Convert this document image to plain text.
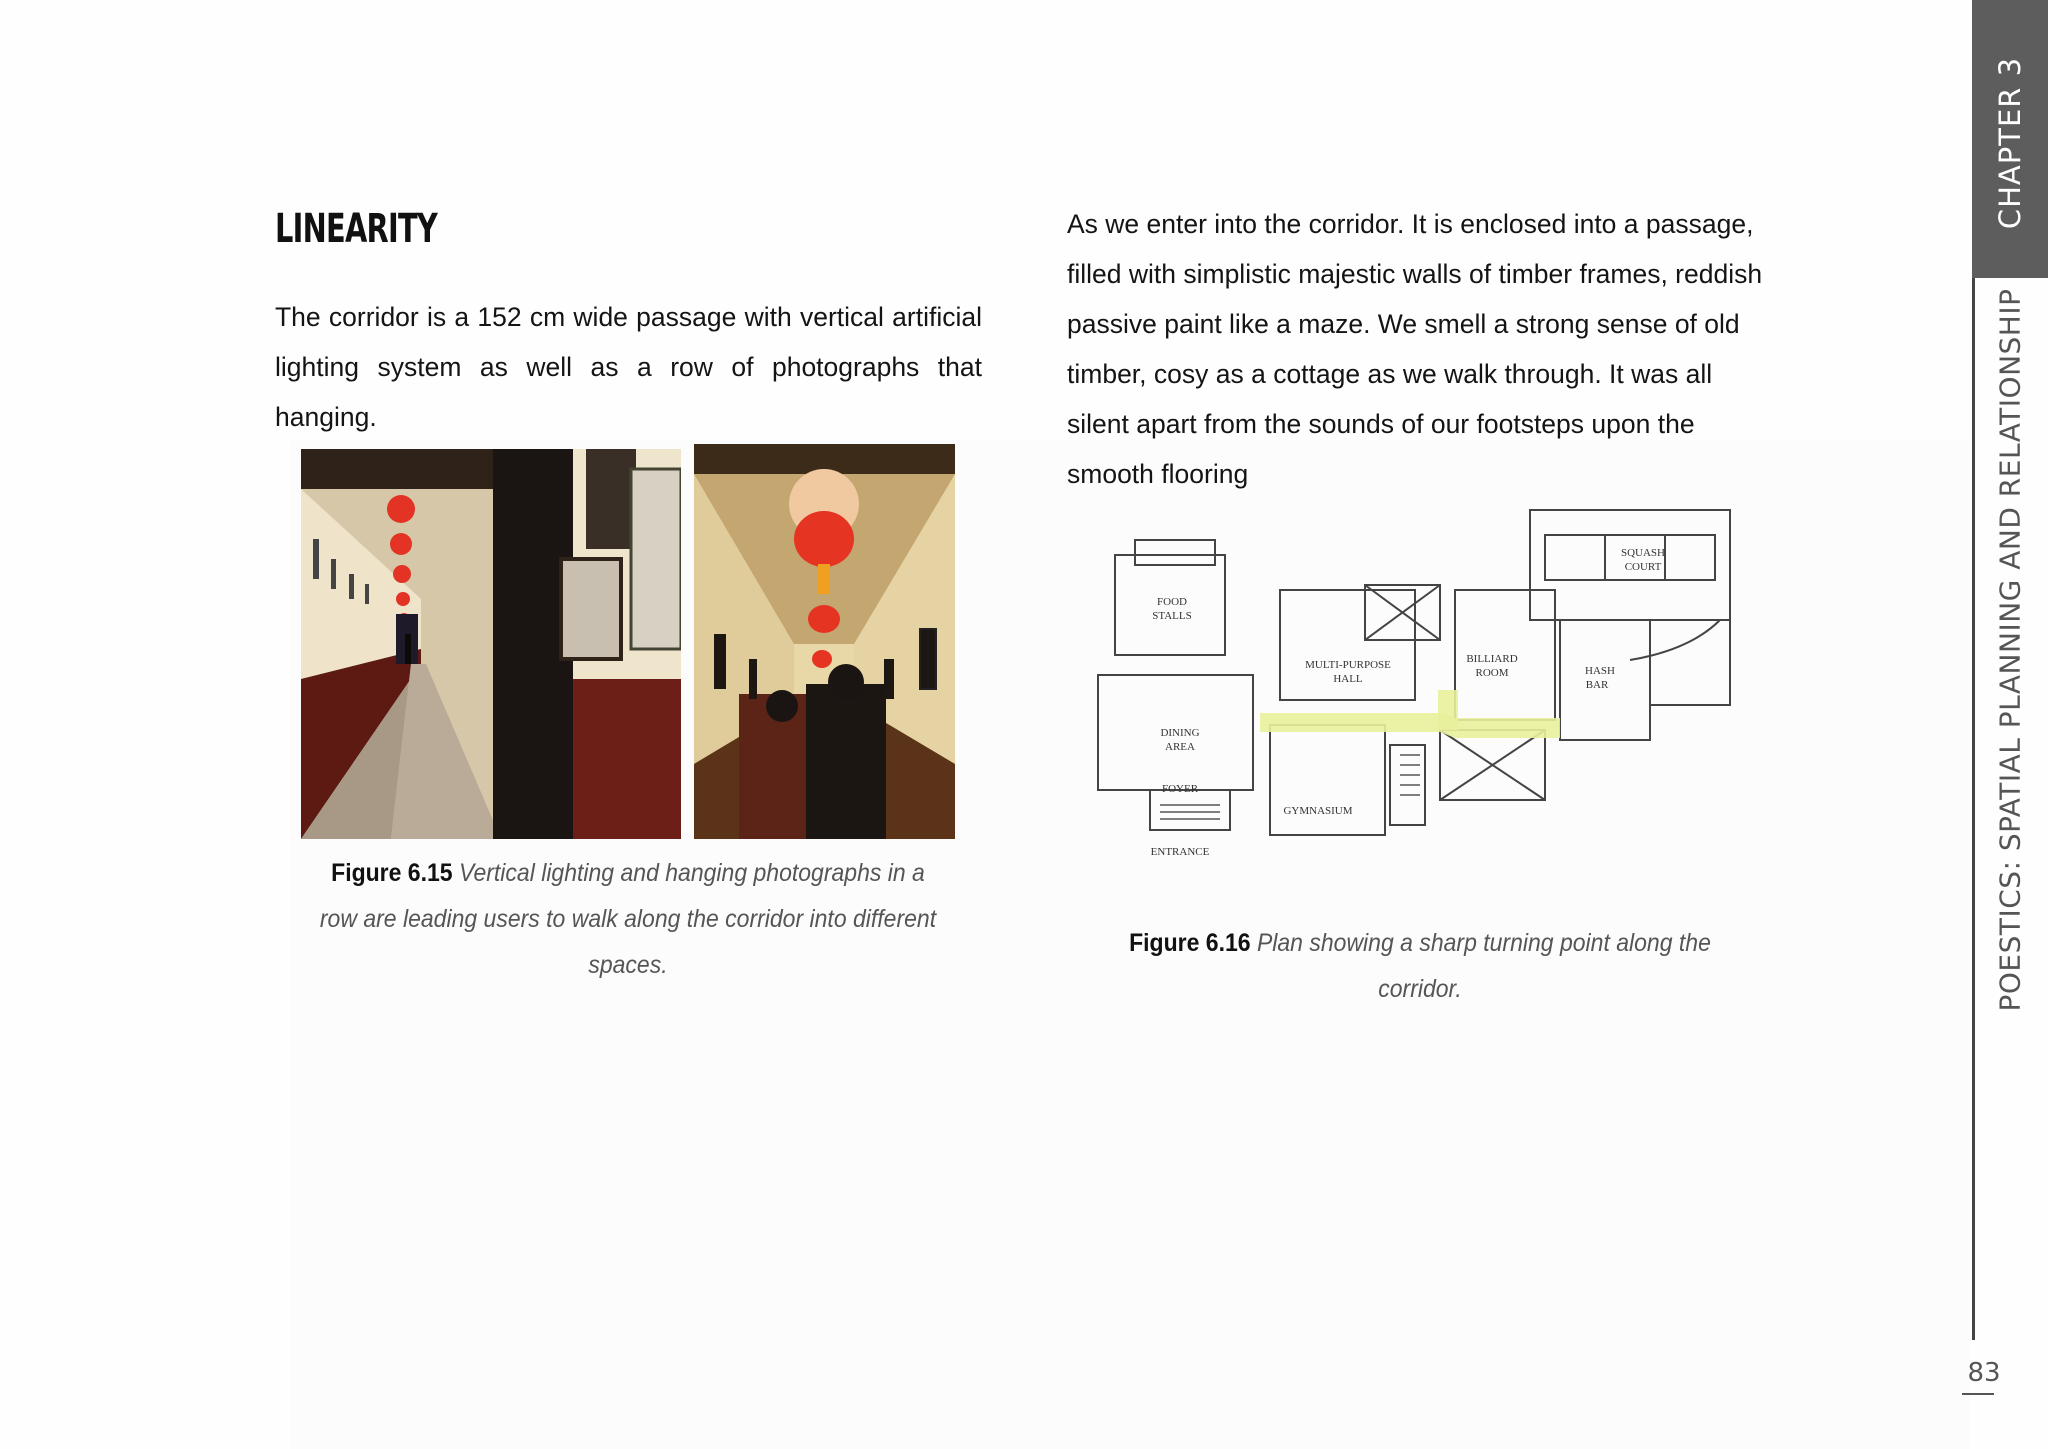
LINEARITY
The corridor is a 152 cm wide passage with vertical artificial lighting system as well as a row of photographs that hanging.
As we enter into the corridor. It is enclosed into a passage, filled with simplistic majestic walls of timber frames, reddish passive paint like a maze. We smell a strong sense of old timber, cosy as a cottage as we walk through. It was all silent apart from the sounds of our footsteps upon the smooth flooring
Figure 6.15 Vertical lighting and hanging photographs in a row are leading users to walk along the corridor into different spaces.
FOOD
STALLS
MULTI-PURPOSE
HALL
BILLIARD
ROOM
SQUASH
COURT
HASH
BAR
DINING
AREA
FOYER
GYMNASIUM
ENTRANCE
Figure 6.16 Plan showing a sharp turning point along the corridor.
CHAPTER 3
POESTICS: SPATIAL PLANNING AND RELATIONSHIP
83
